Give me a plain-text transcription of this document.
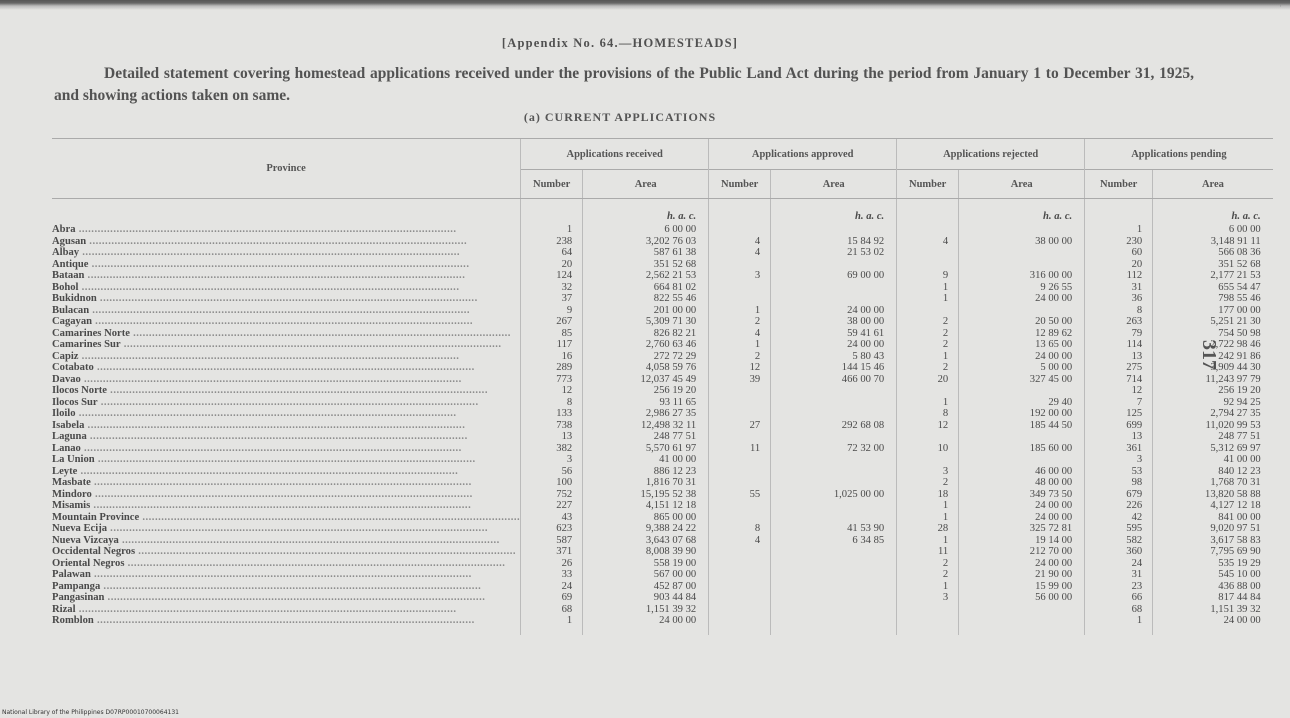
·
[Appendix No. 64.—HOMESTEADS]
Detailed statement covering homestead applications received under the provisions of the Public Land Act during the period from January 1 to December 31, 1925, and showing actions taken on same.
(a) CURRENT APPLICATIONS
317
Province	Applications received		Applications approved		Applications rejected		Applications pending	
	Number	Area	Number	Area	Number	Area	Number	Area
		h. a. c.		h. a. c.		h. a. c.		h. a. c.
Abra ........................................................................................................................	1	6 00 00					1	6 00 00
Agusan ........................................................................................................................	238	3,202 76 03	4	15 84 92	4	38 00 00	230	3,148 91 11
Albay ........................................................................................................................	64	587 61 38	4	21 53 02			60	566 08 36
Antique ........................................................................................................................	20	351 52 68					20	351 52 68
Bataan ........................................................................................................................	124	2,562 21 53	3	69 00 00	9	316 00 00	112	2,177 21 53
Bohol ........................................................................................................................	32	664 81 02			1	9 26 55	31	655 54 47
Bukidnon ........................................................................................................................	37	822 55 46			1	24 00 00	36	798 55 46
Bulacan ........................................................................................................................	9	201 00 00	1	24 00 00			8	177 00 00
Cagayan ........................................................................................................................	267	5,309 71 30	2	38 00 00	2	20 50 00	263	5,251 21 30
Camarines Norte ........................................................................................................................	85	826 82 21	4	59 41 61	2	12 89 62	79	754 50 98
Camarines Sur ........................................................................................................................	117	2,760 63 46	1	24 00 00	2	13 65 00	114	2,722 98 46
Capiz ........................................................................................................................	16	272 72 29	2	5 80 43	1	24 00 00	13	242 91 86
Cotabato ........................................................................................................................	289	4,058 59 76	12	144 15 46	2	5 00 00	275	3,909 44 30
Davao ........................................................................................................................	773	12,037 45 49	39	466 00 70	20	327 45 00	714	11,243 97 79
Ilocos Norte ........................................................................................................................	12	256 19 20					12	256 19 20
Ilocos Sur ........................................................................................................................	8	93 11 65			1	29 40	7	92 94 25
Iloilo ........................................................................................................................	133	2,986 27 35			8	192 00 00	125	2,794 27 35
Isabela ........................................................................................................................	738	12,498 32 11	27	292 68 08	12	185 44 50	699	11,020 99 53
Laguna ........................................................................................................................	13	248 77 51					13	248 77 51
Lanao ........................................................................................................................	382	5,570 61 97	11	72 32 00	10	185 60 00	361	5,312 69 97
La Union ........................................................................................................................	3	41 00 00					3	41 00 00
Leyte ........................................................................................................................	56	886 12 23			3	46 00 00	53	840 12 23
Masbate ........................................................................................................................	100	1,816 70 31			2	48 00 00	98	1,768 70 31
Mindoro ........................................................................................................................	752	15,195 52 38	55	1,025 00 00	18	349 73 50	679	13,820 58 88
Misamis ........................................................................................................................	227	4,151 12 18			1	24 00 00	226	4,127 12 18
Mountain Province ........................................................................................................................	43	865 00 00			1	24 00 00	42	841 00 00
Nueva Ecija ........................................................................................................................	623	9,388 24 22	8	41 53 90	28	325 72 81	595	9,020 97 51
Nueva Vizcaya ........................................................................................................................	587	3,643 07 68	4	6 34 85	1	19 14 00	582	3,617 58 83
Occidental Negros ........................................................................................................................	371	8,008 39 90			11	212 70 00	360	7,795 69 90
Oriental Negros ........................................................................................................................	26	558 19 00			2	24 00 00	24	535 19 29
Palawan ........................................................................................................................	33	567 00 00			2	21 90 00	31	545 10 00
Pampanga ........................................................................................................................	24	452 87 00			1	15 99 00	23	436 88 00
Pangasinan ........................................................................................................................	69	903 44 84			3	56 00 00	66	817 44 84
Rizal ........................................................................................................................	68	1,151 39 32					68	1,151 39 32
Romblon ........................................................................................................................	1	24 00 00					1	24 00 00
National Library of the Philippines D07RP00010700064131
